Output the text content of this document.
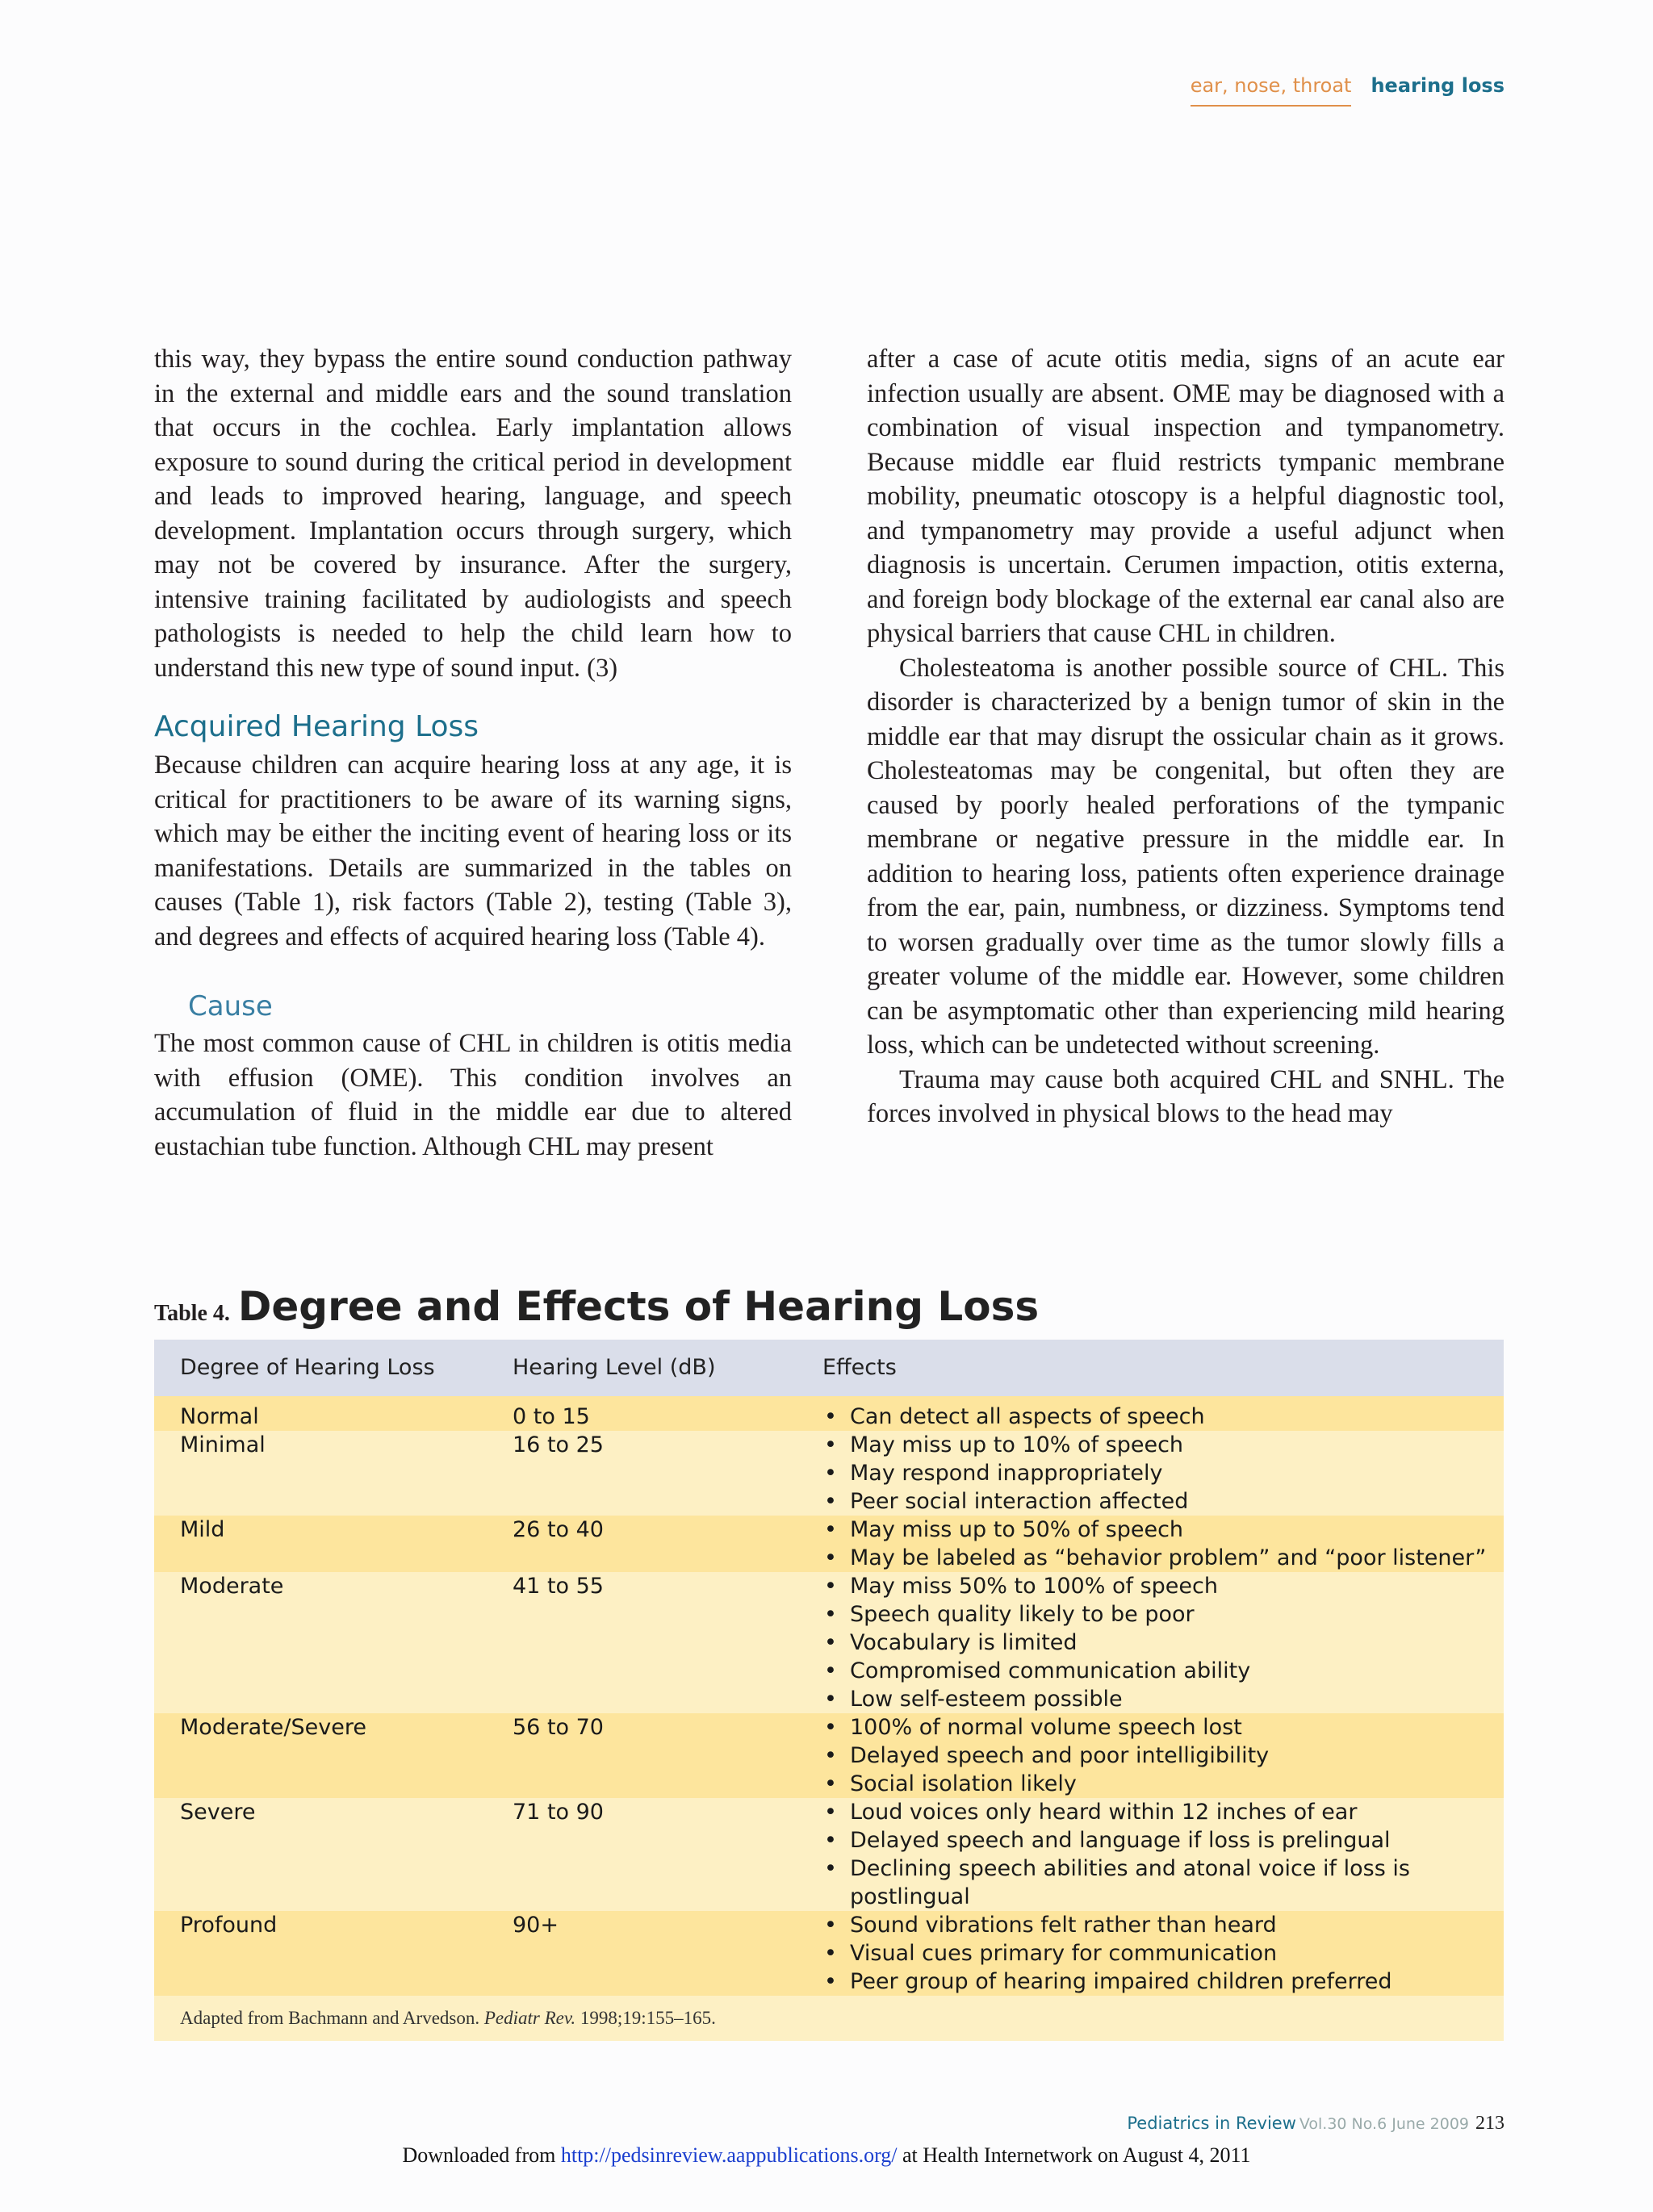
ear, nose, throat hearing loss

this way, they bypass the entire sound conduction pathway in the external and middle ears and the sound translation that occurs in the cochlea. Early implantation allows exposure to sound during the critical period in development and leads to improved hearing, language, and speech development. Implantation occurs through surgery, which may not be covered by insurance. After the surgery, intensive training facilitated by audiologists and speech pathologists is needed to help the child learn how to understand this new type of sound input. (3)

Acquired Hearing Loss

Because children can acquire hearing loss at any age, it is critical for practitioners to be aware of its warning signs, which may be either the inciting event of hearing loss or its manifestations. Details are summarized in the tables on causes (Table 1), risk factors (Table 2), testing (Table 3), and degrees and effects of acquired hearing loss (Table 4).

Cause

The most common cause of CHL in children is otitis media with effusion (OME). This condition involves an accumulation of fluid in the middle ear due to altered eustachian tube function. Although CHL may present

after a case of acute otitis media, signs of an acute ear infection usually are absent. OME may be diagnosed with a combination of visual inspection and tympanometry. Because middle ear fluid restricts tympanic membrane mobility, pneumatic otoscopy is a helpful diagnostic tool, and tympanometry may provide a useful adjunct when diagnosis is uncertain. Cerumen impaction, otitis externa, and foreign body blockage of the external ear canal also are physical barriers that cause CHL in children.

Cholesteatoma is another possible source of CHL. This disorder is characterized by a benign tumor of skin in the middle ear that may disrupt the ossicular chain as it grows. Cholesteatomas may be congenital, but often they are caused by poorly healed perforations of the tympanic membrane or negative pressure in the middle ear. In addition to hearing loss, patients often experience drainage from the ear, pain, numbness, or dizziness. Symptoms tend to worsen gradually over time as the tumor slowly fills a greater volume of the middle ear. However, some children can be asymptomatic other than experiencing mild hearing loss, which can be undetected without screening.

Trauma may cause both acquired CHL and SNHL. The forces involved in physical blows to the head may

Table 4. Degree and Effects of Hearing Loss
Degree of Hearing Loss	Hearing Level (dB)	Effects
Normal	0 to 15	• Can detect all aspects of speech
Minimal	16 to 25	• May miss up to 10% of speech
• May respond inappropriately
• Peer social interaction affected
Mild	26 to 40	• May miss up to 50% of speech
• May be labeled as “behavior problem” and “poor listener”
Moderate	41 to 55	• May miss 50% to 100% of speech
• Speech quality likely to be poor
• Vocabulary is limited
• Compromised communication ability
• Low self-esteem possible
Moderate/Severe	56 to 70	• 100% of normal volume speech lost
• Delayed speech and poor intelligibility
• Social isolation likely
Severe	71 to 90	• Loud voices only heard within 12 inches of ear
• Delayed speech and language if loss is prelingual
• Declining speech abilities and atonal voice if loss is postlingual
Profound	90+	• Sound vibrations felt rather than heard
• Visual cues primary for communication
• Peer group of hearing impaired children preferred
Adapted from Bachmann and Arvedson. Pediatr Rev. 1998;19:155–165.
Pediatrics in Review Vol.30 No.6 June 2009 213
Downloaded from http://pedsinreview.aappublications.org/ at Health Internetwork on August 4, 2011
